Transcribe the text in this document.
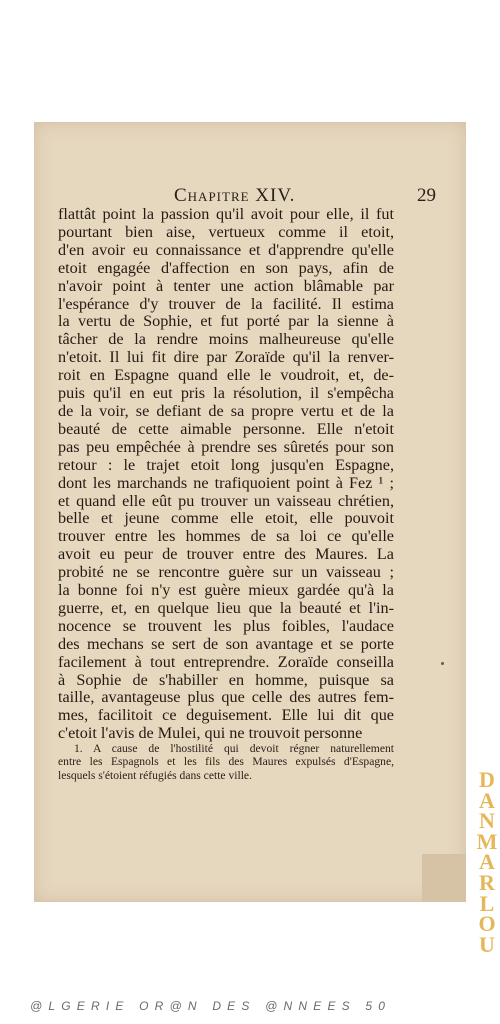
Chapitre XIV.	29
flattât point la passion qu'il avoit pour elle, il fut
pourtant bien aise, vertueux comme il etoit,
d'en avoir eu connaissance et d'apprendre qu'elle
etoit engagée d'affection en son pays, afin de
n'avoir point à tenter une action blâmable par
l'espérance d'y trouver de la facilité. Il estima
la vertu de Sophie, et fut porté par la sienne à
tâcher de la rendre moins malheureuse qu'elle
n'etoit. Il lui fit dire par Zoraïde qu'il la renver-
roit en Espagne quand elle le voudroit, et, de-
puis qu'il en eut pris la résolution, il s'empêcha
de la voir, se defiant de sa propre vertu et de la
beauté de cette aimable personne. Elle n'etoit
pas peu empêchée à prendre ses sûretés pour son
retour : le trajet etoit long jusqu'en Espagne,
dont les marchands ne trafiquoient point à Fez ¹ ;
et quand elle eût pu trouver un vaisseau chrétien,
belle et jeune comme elle etoit, elle pouvoit
trouver entre les hommes de sa loi ce qu'elle
avoit eu peur de trouver entre des Maures. La
probité ne se rencontre guère sur un vaisseau ;
la bonne foi n'y est guère mieux gardée qu'à la
guerre, et, en quelque lieu que la beauté et l'in-
nocence se trouvent les plus foibles, l'audace
des mechans se sert de son avantage et se porte
facilement à tout entreprendre. Zoraïde conseilla
à Sophie de s'habiller en homme, puisque sa
taille, avantageuse plus que celle des autres fem-
mes, facilitoit ce deguisement. Elle lui dit que
c'etoit l'avis de Mulei, qui ne trouvoit personne
1. A cause de l'hostilité qui devoit régner naturellement
entre les Espagnols et les fils des Maures expulsés d'Espagne,
lesquels s'étoient réfugiés dans cette ville.	D
A
N
M
A
R
L
O
U
@LGERIE OR@N DES @NNEES 50
